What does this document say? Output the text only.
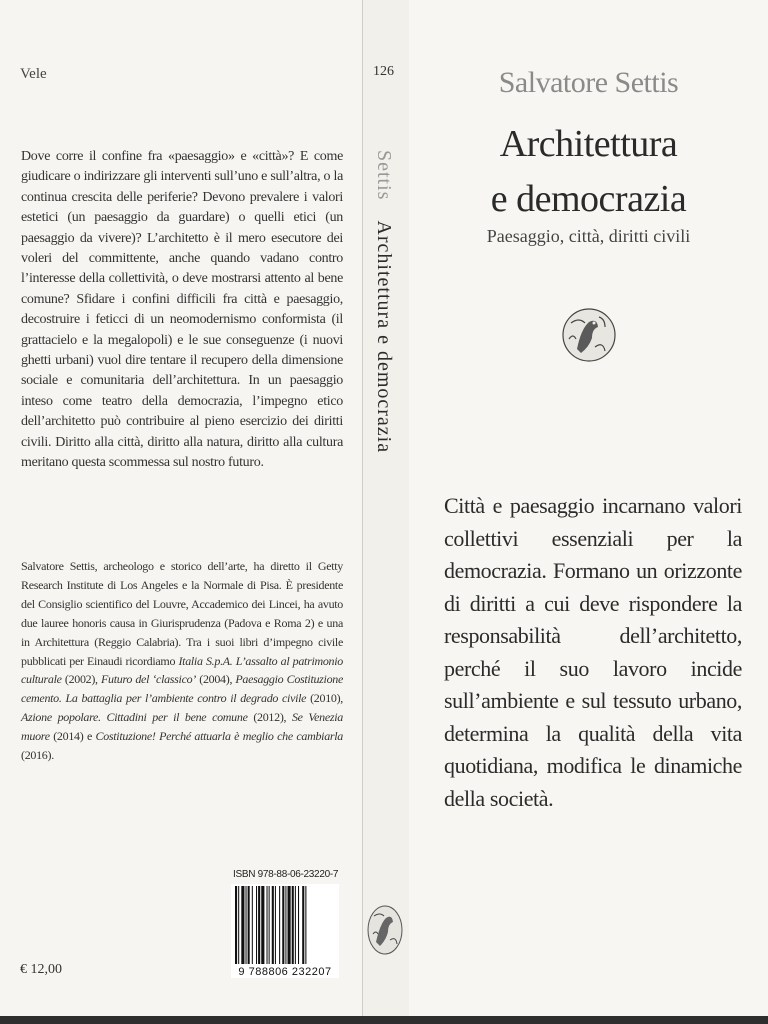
Vele
Dove corre il confine fra «paesaggio» e «città»? E come giudicare o indirizzare gli interventi sull’uno e sull’altra, o la continua crescita delle periferie? Devono prevalere i valori estetici (un paesaggio da guardare) o quelli etici (un paesaggio da vivere)? L’architetto è il mero esecutore dei voleri del committente, anche quando vadano contro l’interesse della collettività, o deve mostrarsi attento al bene comune? Sfidare i confini difficili fra città e paesaggio, decostruire i feticci di un neomodernismo conformista (il grattacielo e la megalopoli) e le sue conseguenze (i nuovi ghetti urbani) vuol dire tentare il recupero della dimensione sociale e comunitaria dell’architettura. In un paesaggio inteso come teatro della democrazia, l’impegno etico dell’architetto può contribuire al pieno esercizio dei diritti civili. Diritto alla città, diritto alla natura, diritto alla cultura meritano questa scommessa sul nostro futuro.
Salvatore Settis, archeologo e storico dell’arte, ha diretto il Getty Research Institute di Los Angeles e la Normale di Pisa. È presidente del Consiglio scientifico del Louvre, Accademico dei Lincei, ha avuto due lauree honoris causa in Giurisprudenza (Padova e Roma 2) e una in Architettura (Reggio Calabria). Tra i suoi libri d’impegno civile pubblicati per Einaudi ricordiamo Italia S.p.A. L’assalto al patrimonio culturale (2002), Futuro del ‘classico’ (2004), Paesaggio Costituzione cemento. La battaglia per l’ambiente contro il degrado civile (2010), Azione popolare. Cittadini per il bene comune (2012), Se Venezia muore (2014) e Costituzione! Perché attuarla è meglio che cambiarla (2016).
ISBN 978-88-06-23220-7
9 788806 232207
€ 12,00
126
Settis Architettura e democrazia
Salvatore Settis
Architettura
e democrazia
Paesaggio, città, diritti civili
Città e paesaggio incarnano valori collettivi essenziali per la democrazia. Formano un orizzonte di diritti a cui deve rispondere la responsabilità dell’architetto, perché il suo lavoro incide sull’ambiente e sul tessuto urbano, determina la qualità della vita quotidiana, modifica le dinamiche della società.
